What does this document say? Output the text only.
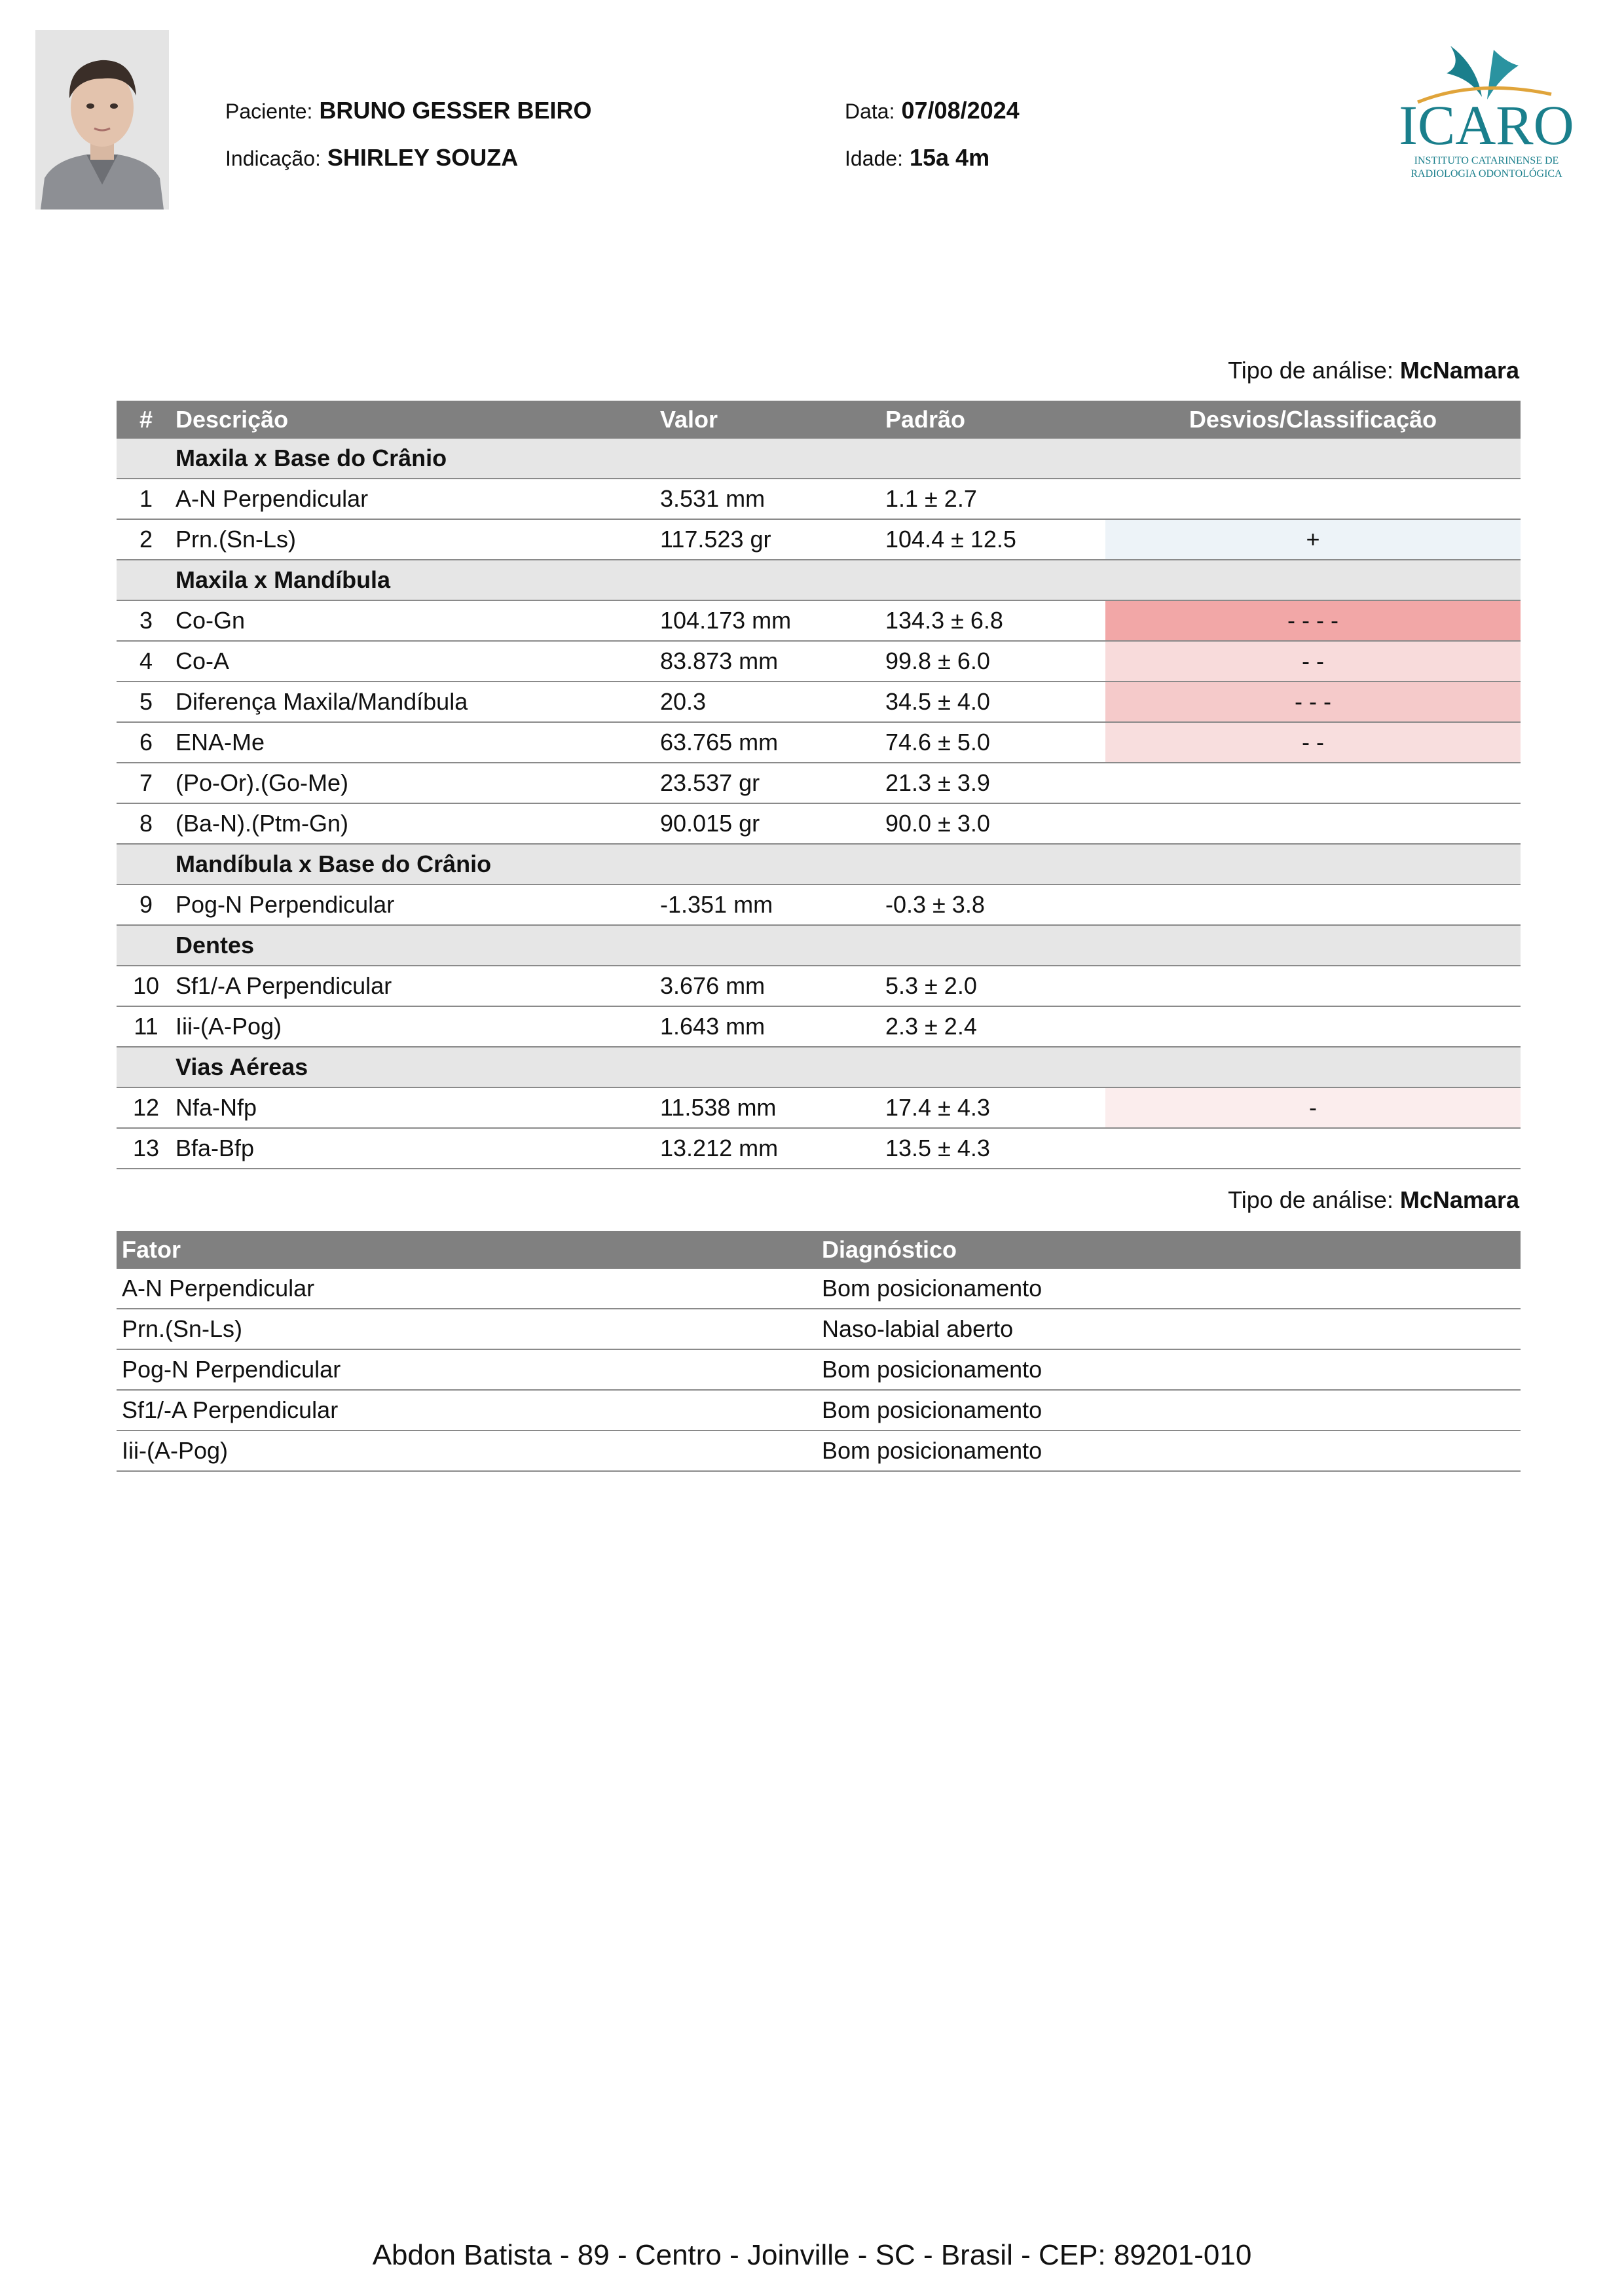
Paciente: BRUNO GESSER BEIRO
Indicação: SHIRLEY SOUZA
Data: 07/08/2024
Idade: 15a 4m
ICARO
INSTITUTO CATARINENSE DE
RADIOLOGIA ODONTOLÓGICA
Tipo de análise: McNamara
#	Descrição	Valor	Padrão	Desvios/Classificação
	Maxila x Base do Crânio			
1	A-N Perpendicular	3.531 mm	1.1 ± 2.7	
2	Prn.(Sn-Ls)	117.523 gr	104.4 ± 12.5	+
	Maxila x Mandíbula			
3	Co-Gn	104.173 mm	134.3 ± 6.8	- - - -
4	Co-A	83.873 mm	99.8 ± 6.0	- -
5	Diferença Maxila/Mandíbula	20.3	34.5 ± 4.0	- - -
6	ENA-Me	63.765 mm	74.6 ± 5.0	- -
7	(Po-Or).(Go-Me)	23.537 gr	21.3 ± 3.9	
8	(Ba-N).(Ptm-Gn)	90.015 gr	90.0 ± 3.0	
	Mandíbula x Base do Crânio			
9	Pog-N Perpendicular	-1.351 mm	-0.3 ± 3.8	
	Dentes			
10	Sf1/-A Perpendicular	3.676 mm	5.3 ± 2.0	
11	Iii-(A-Pog)	1.643 mm	2.3 ± 2.4	
	Vias Aéreas			
12	Nfa-Nfp	11.538 mm	17.4 ± 4.3	-
13	Bfa-Bfp	13.212 mm	13.5 ± 4.3	
Tipo de análise: McNamara
Fator	Diagnóstico
A-N Perpendicular	Bom posicionamento
Prn.(Sn-Ls)	Naso-labial aberto
Pog-N Perpendicular	Bom posicionamento
Sf1/-A Perpendicular	Bom posicionamento
Iii-(A-Pog)	Bom posicionamento
Abdon Batista - 89 - Centro - Joinville - SC - Brasil - CEP: 89201-010
